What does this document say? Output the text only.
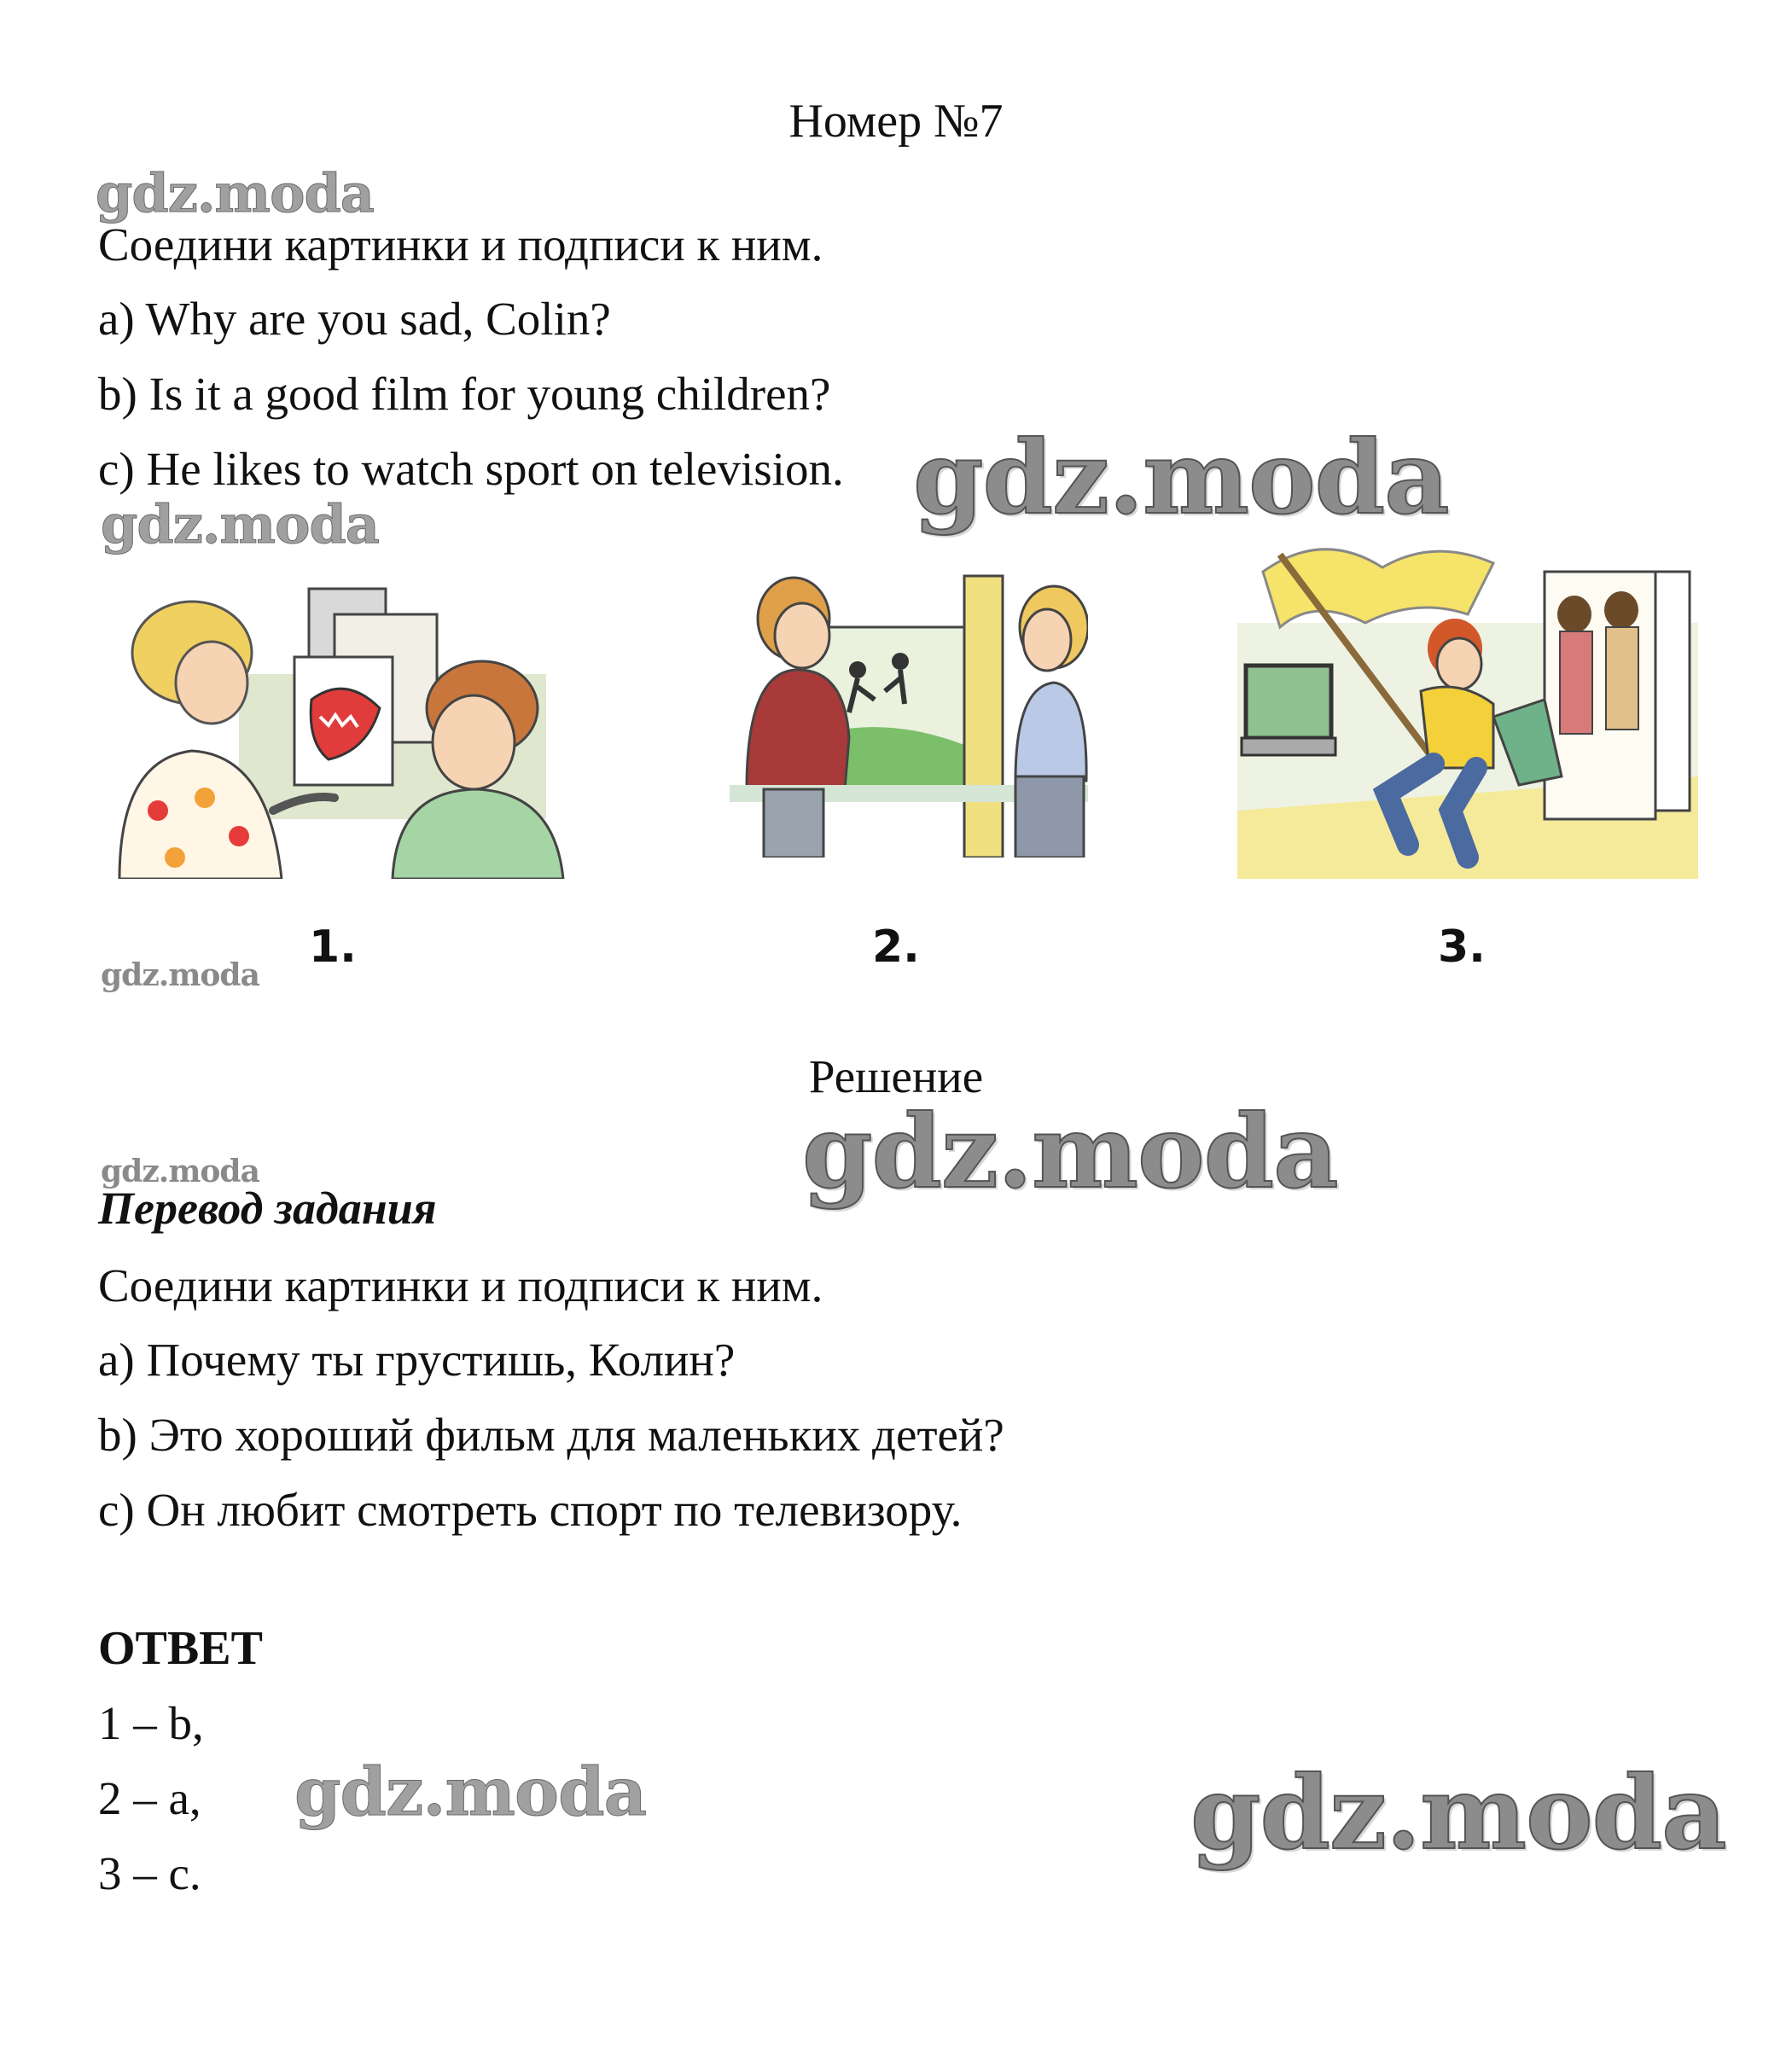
Номер №7
gdz.moda
Соедини картинки и подписи к ним.
a) Why are you sad, Colin?
b) Is it a good film for young children?
c) He likes to watch sport on television. gdz.moda
gdz.moda
1.	2.	3.
gdz.moda
Решение
gdz.moda
gdz.moda
Перевод задания
Соедини картинки и подписи к ним.
а) Почему ты грустишь, Колин?
b) Это хороший фильм для маленьких детей?
с) Он любит смотреть спорт по телевизору.
ОТВЕТ
1 – b,
2 – a,
3 – c.
gdz.moda	gdz.moda
